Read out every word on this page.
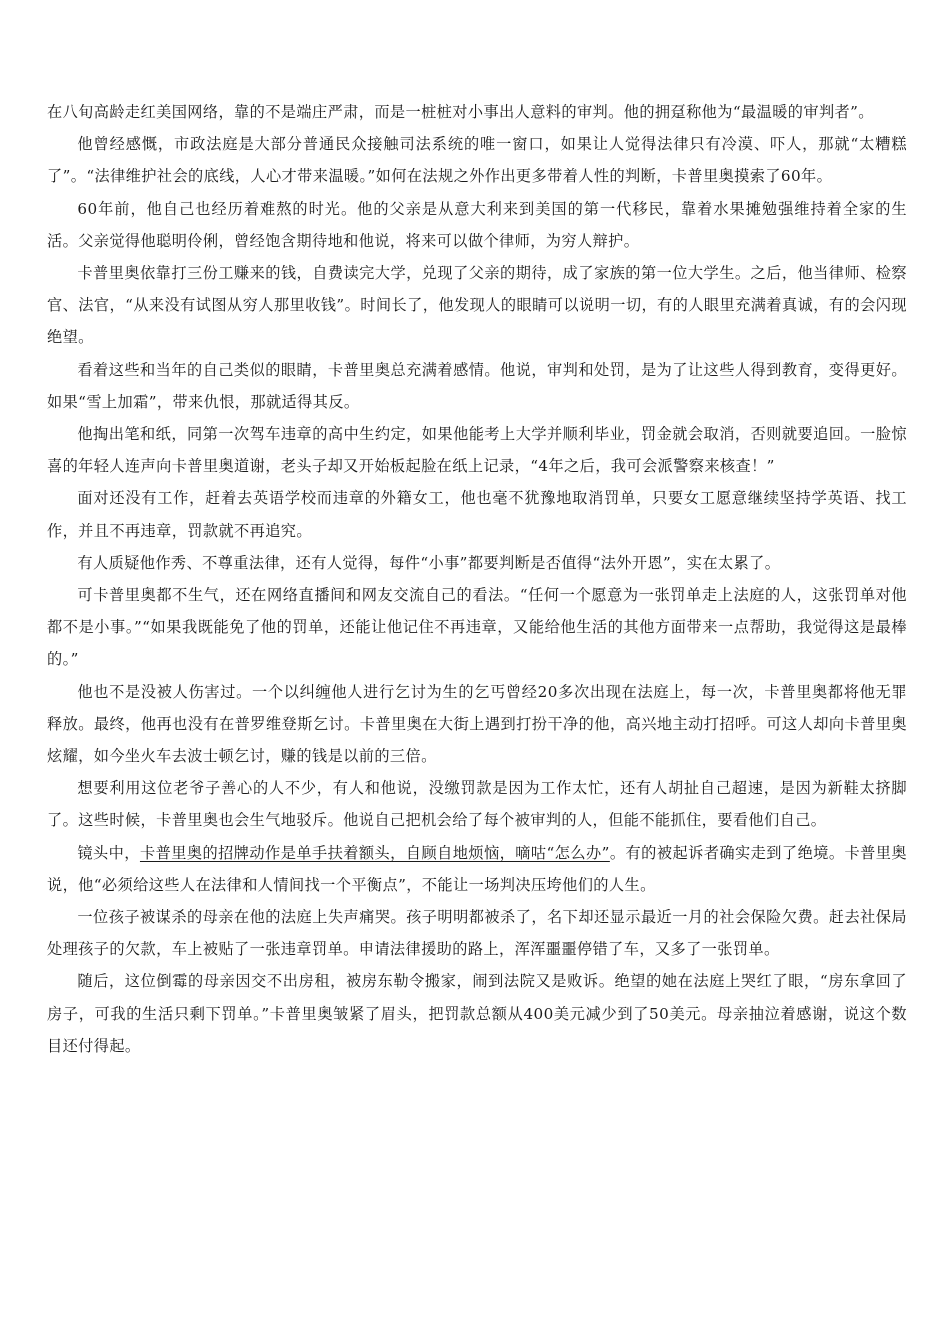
在八旬高龄走红美国网络，靠的不是端庄严肃，而是一桩桩对小事出人意料的审判。他的拥趸称他为“最温暖的审判者”。

他曾经感慨，市政法庭是大部分普通民众接触司法系统的唯一窗口，如果让人觉得法律只有冷漠、吓人，那就“太糟糕了”。“法律维护社会的底线，人心才带来温暖。”如何在法规之外作出更多带着人性的判断，卡普里奥摸索了60年。

60年前，他自己也经历着难熬的时光。他的父亲是从意大利来到美国的第一代移民，靠着水果摊勉强维持着全家的生活。父亲觉得他聪明伶俐，曾经饱含期待地和他说，将来可以做个律师，为穷人辩护。

卡普里奥依靠打三份工赚来的钱，自费读完大学，兑现了父亲的期待，成了家族的第一位大学生。之后，他当律师、检察官、法官，“从来没有试图从穷人那里收钱”。时间长了，他发现人的眼睛可以说明一切，有的人眼里充满着真诚，有的会闪现绝望。

看着这些和当年的自己类似的眼睛，卡普里奥总充满着感情。他说，审判和处罚，是为了让这些人得到教育，变得更好。如果“雪上加霜”，带来仇恨，那就适得其反。

他掏出笔和纸，同第一次驾车违章的高中生约定，如果他能考上大学并顺利毕业，罚金就会取消，否则就要追回。一脸惊喜的年轻人连声向卡普里奥道谢，老头子却又开始板起脸在纸上记录，“4年之后，我可会派警察来核查！”

面对还没有工作，赶着去英语学校而违章的外籍女工，他也毫不犹豫地取消罚单，只要女工愿意继续坚持学英语、找工作，并且不再违章，罚款就不再追究。

有人质疑他作秀、不尊重法律，还有人觉得，每件“小事”都要判断是否值得“法外开恩”，实在太累了。

可卡普里奥都不生气，还在网络直播间和网友交流自己的看法。“任何一个愿意为一张罚单走上法庭的人，这张罚单对他都不是小事。”“如果我既能免了他的罚单，还能让他记住不再违章，又能给他生活的其他方面带来一点帮助，我觉得这是最棒的。”

他也不是没被人伤害过。一个以纠缠他人进行乞讨为生的乞丐曾经20多次出现在法庭上，每一次，卡普里奥都将他无罪释放。最终，他再也没有在普罗维登斯乞讨。卡普里奥在大街上遇到打扮干净的他，高兴地主动打招呼。可这人却向卡普里奥炫耀，如今坐火车去波士顿乞讨，赚的钱是以前的三倍。

想要利用这位老爷子善心的人不少，有人和他说，没缴罚款是因为工作太忙，还有人胡扯自己超速，是因为新鞋太挤脚了。这些时候，卡普里奥也会生气地驳斥。他说自己把机会给了每个被审判的人，但能不能抓住，要看他们自己。

镜头中，卡普里奥的招牌动作是单手扶着额头，自顾自地烦恼，嘀咕“怎么办”。有的被起诉者确实走到了绝境。卡普里奥说，他“必须给这些人在法律和人情间找一个平衡点”，不能让一场判决压垮他们的人生。

一位孩子被谋杀的母亲在他的法庭上失声痛哭。孩子明明都被杀了，名下却还显示最近一月的社会保险欠费。赶去社保局处理孩子的欠款，车上被贴了一张违章罚单。申请法律援助的路上，浑浑噩噩停错了车，又多了一张罚单。

随后，这位倒霉的母亲因交不出房租，被房东勒令搬家，闹到法院又是败诉。绝望的她在法庭上哭红了眼，“房东拿回了房子，可我的生活只剩下罚单。”卡普里奥皱紧了眉头，把罚款总额从400美元减少到了50美元。母亲抽泣着感谢，说这个数目还付得起。
